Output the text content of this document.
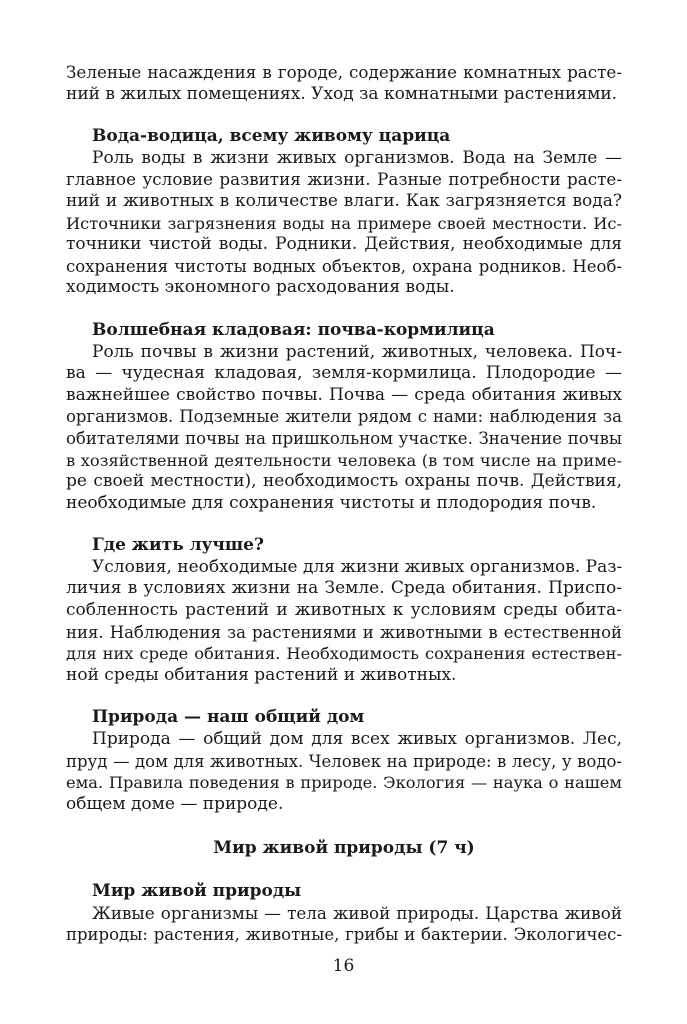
Зеленые насаждения в городе, содержание комнатных расте-
ний в жилых помещениях. Уход за комнатными растениями.
Вода-водица, всему живому царица
Роль воды в жизни живых организмов. Вода на Земле —
главное условие развития жизни. Разные потребности расте-
ний и животных в количестве влаги. Как загрязняется вода?
Источники загрязнения воды на примере своей местности. Ис-
точники чистой воды. Родники. Действия, необходимые для
сохранения чистоты водных объектов, охрана родников. Необ-
ходимость экономного расходования воды.
Волшебная кладовая: почва-кормилица
Роль почвы в жизни растений, животных, человека. Поч-
ва — чудесная кладовая, земля-кормилица. Плодородие —
важнейшее свойство почвы. Почва — среда обитания живых
организмов. Подземные жители рядом с нами: наблюдения за
обитателями почвы на пришкольном участке. Значение почвы
в хозяйственной деятельности человека (в том числе на приме-
ре своей местности), необходимость охраны почв. Действия,
необходимые для сохранения чистоты и плодородия почв.
Где жить лучше?
Условия, необходимые для жизни живых организмов. Раз-
личия в условиях жизни на Земле. Среда обитания. Приспо-
собленность растений и животных к условиям среды обита-
ния. Наблюдения за растениями и животными в естественной
для них среде обитания. Необходимость сохранения естествен-
ной среды обитания растений и животных.
Природа — наш общий дом
Природа — общий дом для всех живых организмов. Лес,
пруд — дом для животных. Человек на природе: в лесу, у водо-
ема. Правила поведения в природе. Экология — наука о нашем
общем доме — природе.
Мир живой природы (7 ч)
Мир живой природы
Живые организмы — тела живой природы. Царства живой
природы: растения, животные, грибы и бактерии. Экологичес-
16
